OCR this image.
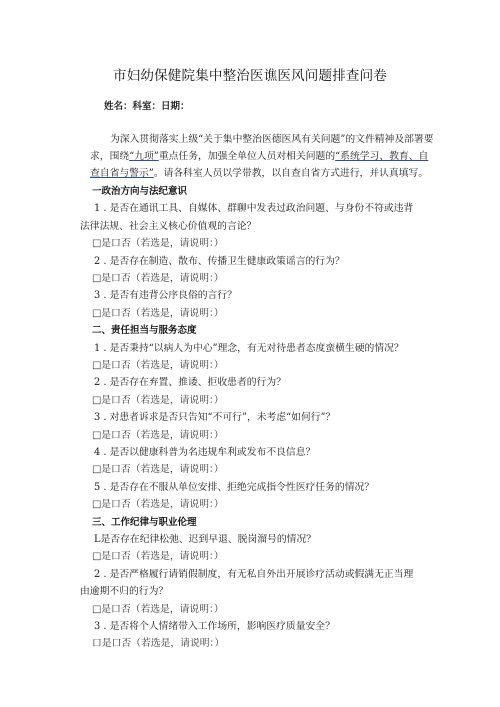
市妇幼保健院集中整治医谯医风问题排查问卷
姓名：科室：日期：
为深入贯彻落实上级“关于集中整治医德医风有关问题”的文件精神及部署要求，围绕“九项”重点任务，加强全单位人员对相关问题的“系统学习、教育、自查自省与警示”。请各科室人员以学带教，以自查自省方式进行，并认真填写。
一政治方向与法纪意识
1 . 是否在通讯工具、自媒体、群聊中发表过政治问题、与身份不符或违背
法律法规、社会主义核心价值观的言论？
□是口否（若选是，请说明：）
2 . 是否存在制造、散布、传播卫生健康政策谣言的行为？
□是口否（若选是，请说明：）
3 . 是否有违背公序良俗的言行？
□是口否（若选是，请说明：）
二、责任担当与服务态度
1 . 是否秉持“以病人为中心”理念，有无对待患者态度蛮横生硬的情况？
□是口否（若选是，请说明：）
2 . 是否存在弃置、推诿、拒收患者的行为？
□是口否（若选是，请说明：）
3 . 对患者诉求是否只告知“不可行”，未考虑“如何行”？
□是口否（若选是，请说明：）
4 . 是否以健康科普为名违规牟利或发布不良信息？
□是口否（若选是，请说明：）
5 . 是否存在不服从单位安排、拒绝完成指令性医疗任务的情况？
□是口否（若选是，请说明：）
三、工作纪律与职业伦理
L是否存在纪律松弛、迟到早退、脱岗溜号的情况？
□是口否（若选是，请说明：）
2 . 是否严格履行请销假制度，有无私自外出开展诊疗活动或假满无正当理
由逾期不归的行为？
□是口否（若选是，请说明：）
3 . 是否将个人情绪带入工作场所，影响医疗质量安全？
口是口否（若选是，请说明：）
